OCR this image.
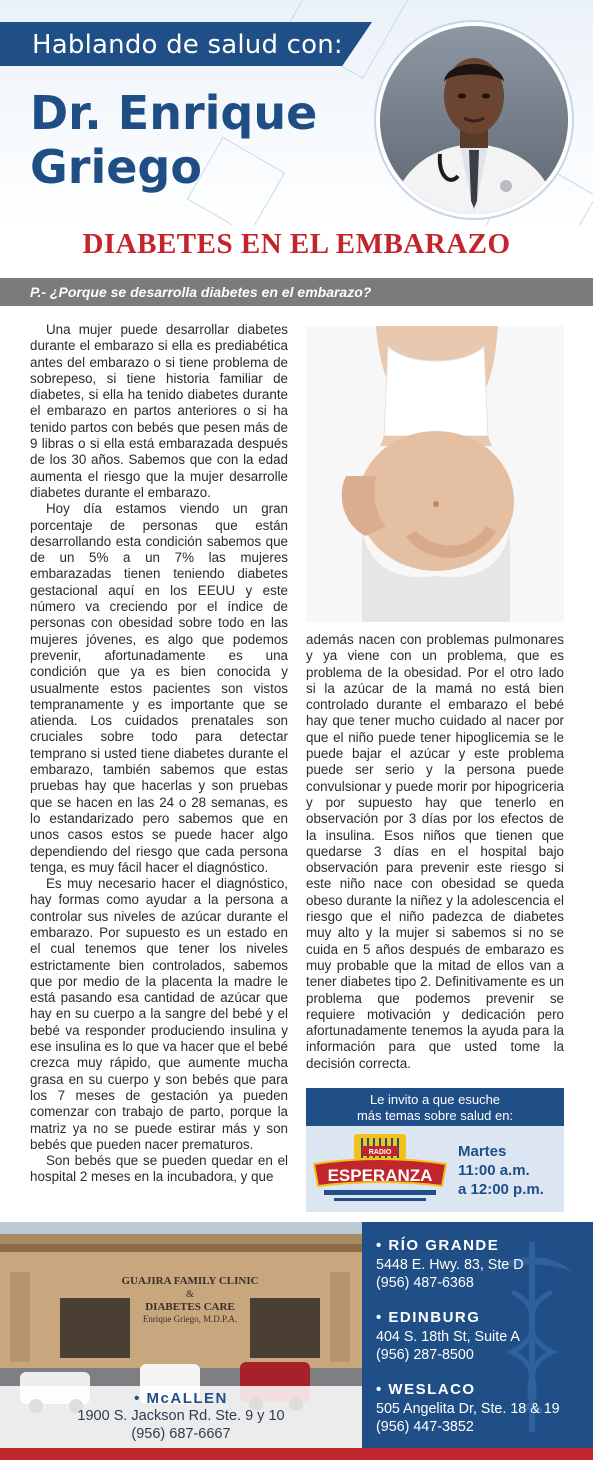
Hablando de salud con:
Dr. Enrique Griego
DIABETES EN EL EMBARAZO
P.- ¿Porque se desarrolla diabetes en el embarazo?

Una mujer puede desarrollar diabetes durante el embarazo si ella es prediabética antes del embarazo o si tiene problema de sobrepeso, si tiene historia familiar de diabetes, si ella ha tenido diabetes durante el embarazo en partos anteriores o si ha tenido partos con bebés que pesen más de 9 libras o si ella está embarazada después de los 30 años. Sabemos que con la edad aumenta el riesgo que la mujer desarrolle diabetes durante el embarazo.

Hoy día estamos viendo un gran porcentaje de personas que están desarrollando esta condición sabemos que de un 5% a un 7% las mujeres embarazadas tienen teniendo diabetes gestacional aquí en los EEUU y este número va creciendo por el índice de personas con obesidad sobre todo en las mujeres jóvenes, es algo que podemos prevenir, afortunadamente es una condición que ya es bien conocida y usualmente estos pacientes son vistos tempranamente y es importante que se atienda. Los cuidados prenatales son cruciales sobre todo para detectar temprano si usted tiene diabetes durante el embarazo, también sabemos que estas pruebas hay que hacerlas y son pruebas que se hacen en las 24 o 28 semanas, es lo estandarizado pero sabemos que en unos casos estos se puede hacer algo dependiendo del riesgo que cada persona tenga, es muy fácil hacer el diagnóstico.

Es muy necesario hacer el diagnóstico, hay formas como ayudar a la persona a controlar sus niveles de azúcar durante el embarazo. Por supuesto es un estado en el cual tenemos que tener los niveles estrictamente bien controlados, sabemos que por medio de la placenta la madre le está pasando esa cantidad de azúcar que hay en su cuerpo a la sangre del bebé y el bebé va responder produciendo insulina y ese insulina es lo que va hacer que el bebé crezca muy rápido, que aumente mucha grasa en su cuerpo y son bebés que para los 7 meses de gestación ya pueden comenzar con trabajo de parto, porque la matriz ya no se puede estirar más y son bebés que pueden nacer prematuros.

Son bebés que se pueden quedar en el hospital 2 meses en la incubadora, y que

además nacen con problemas pulmonares y ya viene con un problema, que es problema de la obesidad. Por el otro lado si la azúcar de la mamá no está bien controlado durante el embarazo el bebé hay que tener mucho cuidado al nacer por que el niño puede tener hipoglicemia se le puede bajar el azúcar y este problema puede ser serio y la persona puede convulsionar y puede morir por hipogriceria y por supuesto hay que tenerlo en observación por 3 días por los efectos de la insulina. Esos niños que tienen que quedarse 3 días en el hospital bajo observación para prevenir este riesgo si este niño nace con obesidad se queda obeso durante la niñez y la adolescencia el riesgo que el niño padezca de diabetes muy alto y la mujer si sabemos si no se cuida en 5 años después de embarazo es muy probable que la mitad de ellos van a tener diabetes tipo 2. Definitivamente es un problema que podemos prevenir se requiere motivación y dedicación pero afortunadamente tenemos la ayuda para la información para que usted tome la decisión correcta.

Le invito a que esuche
más temas sobre salud en:
RADIO
ESPERANZA
Martes
11:00 a.m.
a 12:00 p.m.
GUAJIRA FAMILY CLINIC
&
DIABETES CARE
Enrique Griego, M.D.P.A.
• McALLEN
1900 S. Jackson Rd. Ste. 9 y 10
(956) 687-6667
• RÍO GRANDE
5448 E. Hwy. 83, Ste D
(956) 487-6368
• EDINBURG
404 S. 18th St, Suite A
(956) 287-8500
• WESLACO
505 Angelita Dr, Ste. 18 & 19
(956) 447-3852
